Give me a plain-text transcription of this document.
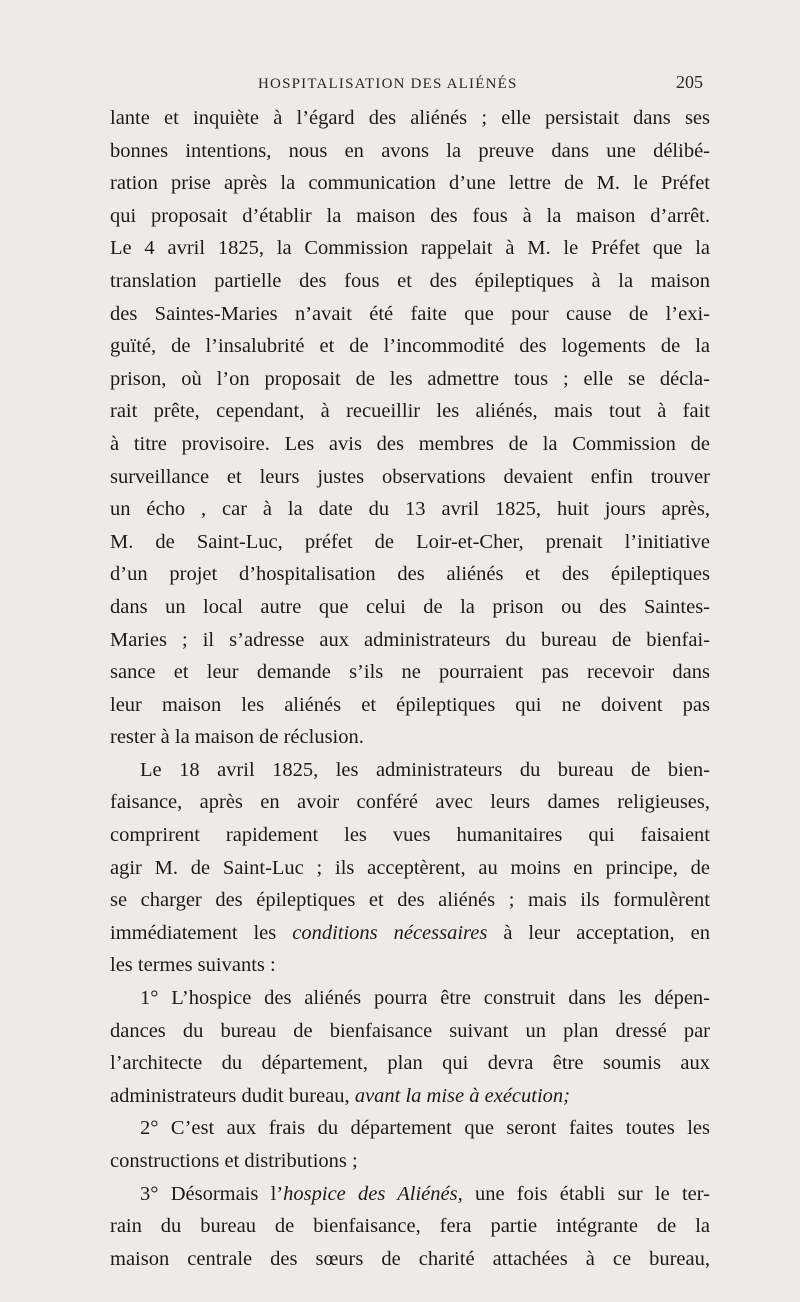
HOSPITALISATION DES ALIÉNÉS	205
lante et inquiète à l’égard des aliénés ; elle persistait dans ses
bonnes intentions, nous en avons la preuve dans une délibé-
ration prise après la communication d’une lettre de M. le Préfet
qui proposait d’établir la maison des fous à la maison d’arrêt.
Le 4 avril 1825, la Commission rappelait à M. le Préfet que la
translation partielle des fous et des épileptiques à la maison
des Saintes-Maries n’avait été faite que pour cause de l’exi-
guïté, de l’insalubrité et de l’incommodité des logements de la
prison, où l’on proposait de les admettre tous ; elle se décla-
rait prête, cependant, à recueillir les aliénés, mais tout à fait
à titre provisoire. Les avis des membres de la Commission de
surveillance et leurs justes observations devaient enfin trouver
un écho , car à la date du 13 avril 1825, huit jours après,
M. de Saint-Luc, préfet de Loir-et-Cher, prenait l’initiative
d’un projet d’hospitalisation des aliénés et des épileptiques
dans un local autre que celui de la prison ou des Saintes-
Maries ; il s’adresse aux administrateurs du bureau de bienfai-
sance et leur demande s’ils ne pourraient pas recevoir dans
leur maison les aliénés et épileptiques qui ne doivent pas
rester à la maison de réclusion.
Le 18 avril 1825, les administrateurs du bureau de bien-
faisance, après en avoir conféré avec leurs dames religieuses,
comprirent rapidement les vues humanitaires qui faisaient
agir M. de Saint-Luc ; ils acceptèrent, au moins en principe, de
se charger des épileptiques et des aliénés ; mais ils formulèrent
immédiatement les conditions nécessaires à leur acceptation, en
les termes suivants :
1° L’hospice des aliénés pourra être construit dans les dépen-
dances du bureau de bienfaisance suivant un plan dressé par
l’architecte du département, plan qui devra être soumis aux
administrateurs dudit bureau, avant la mise à exécution;
2° C’est aux frais du département que seront faites toutes les
constructions et distributions ;
3° Désormais l’hospice des Aliénés, une fois établi sur le ter-
rain du bureau de bienfaisance, fera partie intégrante de la
maison centrale des sœurs de charité attachées à ce bureau,
